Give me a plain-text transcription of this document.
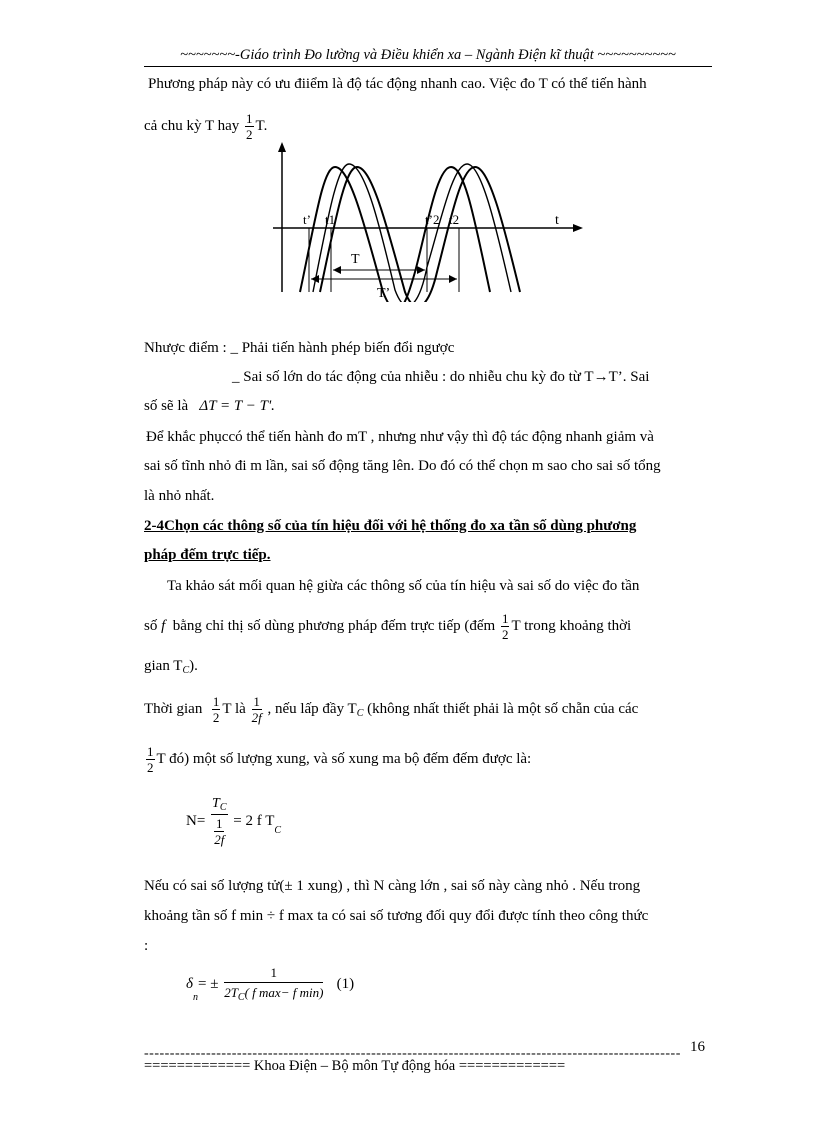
~~~~~~~-Giáo trình Đo lường và Điều khiển xa – Ngành Điện kĩ thuật ~~~~~~~~~~
Phương pháp này có ưu điiểm là độ tác động nhanh cao. Việc đo T có thể tiến hành
cả chu kỳ T hay $\frac{1}{2} T$.
t’ t1	t’2 t2	t
T
T’
Nhược điểm : _ Phải tiến hành phép biến đổi ngược
_ Sai số lớn do tác động của nhiễu : do nhiễu chu kỳ đo từ T→T’. Sai
số sẽ là ΔT = T − T'.
Để khắc phụccó thể tiến hành đo mT , nhưng như vậy thì độ tác động nhanh giảm và
sai số tĩnh nhỏ đi m lần, sai số động tăng lên. Do đó có thể chọn m sao cho sai số tổng
là nhỏ nhất.
2-4Chọn các thông số của tín hiệu đối với hệ thống đo xa tần số dùng phương
pháp đếm trực tiếp.
Ta khảo sát mối quan hệ giừa các thông số của tín hiệu và sai số do việc đo tần
số f bằng chỉ thị số dùng phương pháp đếm trực tiếp (đếm $\frac{1}{2}$ T trong khoảng thời
gian $T_C$).
Thời gian $\frac{1}{2}$ T là $\frac{1}{2f}$ , nếu lấp đầy $T_C$ (không nhất thiết phải là một số chẵn của các
$\frac{1}{2}$ T đó) một số lượng xung, và số xung ma bộ đếm đếm được là:
$N= \frac{T_C}{\frac{1}{2f}} = 2$ f $T_C$
Nếu có sai số lượng tử(± 1 xung) , thì N càng lớn , sai số này càng nhỏ . Nếu trong
khoảng tần số f min ÷ f max ta có sai số tương đối quy đổi được tính theo công thức
:
$\delta_n= \pm \frac{1}{2T_C( f \max- f \min)} (1)$
-------------------------------------------------------------------------------------------------------- 16
============= Khoa Điện – Bộ môn Tự động hóa =============
